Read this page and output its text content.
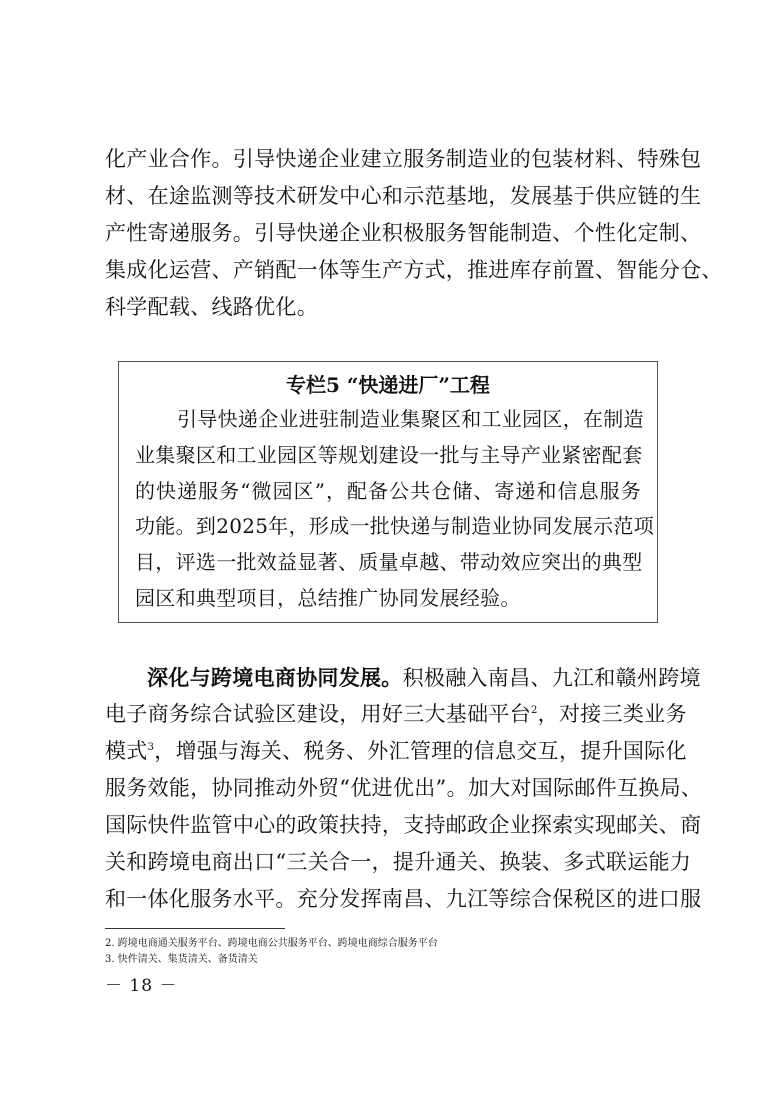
化产业合作。引导快递企业建立服务制造业的包装材料、特殊包
材、在途监测等技术研发中心和示范基地，发展基于供应链的生
产性寄递服务。引导快递企业积极服务智能制造、个性化定制、
集成化运营、产销配一体等生产方式，推进库存前置、智能分仓、
科学配载、线路优化。
专栏5 “快递进厂”工程
引导快递企业进驻制造业集聚区和工业园区，在制造
业集聚区和工业园区等规划建设一批与主导产业紧密配套
的快递服务“微园区”，配备公共仓储、寄递和信息服务
功能。到2025年，形成一批快递与制造业协同发展示范项
目，评选一批效益显著、质量卓越、带动效应突出的典型
园区和典型项目，总结推广协同发展经验。
深化与跨境电商协同发展。积极融入南昌、九江和赣州跨境
电子商务综合试验区建设，用好三大基础平台$^2$，对接三类业务
模式$^3$，增强与海关、税务、外汇管理的信息交互，提升国际化
服务效能，协同推动外贸“优进优出”。加大对国际邮件互换局、
国际快件监管中心的政策扶持，支持邮政企业探索实现邮关、商
关和跨境电商出口“三关合一，提升通关、换装、多式联运能力
和一体化服务水平。充分发挥南昌、九江等综合保税区的进口服
2. 跨境电商通关服务平台、跨境电商公共服务平台、跨境电商综合服务平台
3. 快件清关、集货清关、备货清关
－ 18 －
